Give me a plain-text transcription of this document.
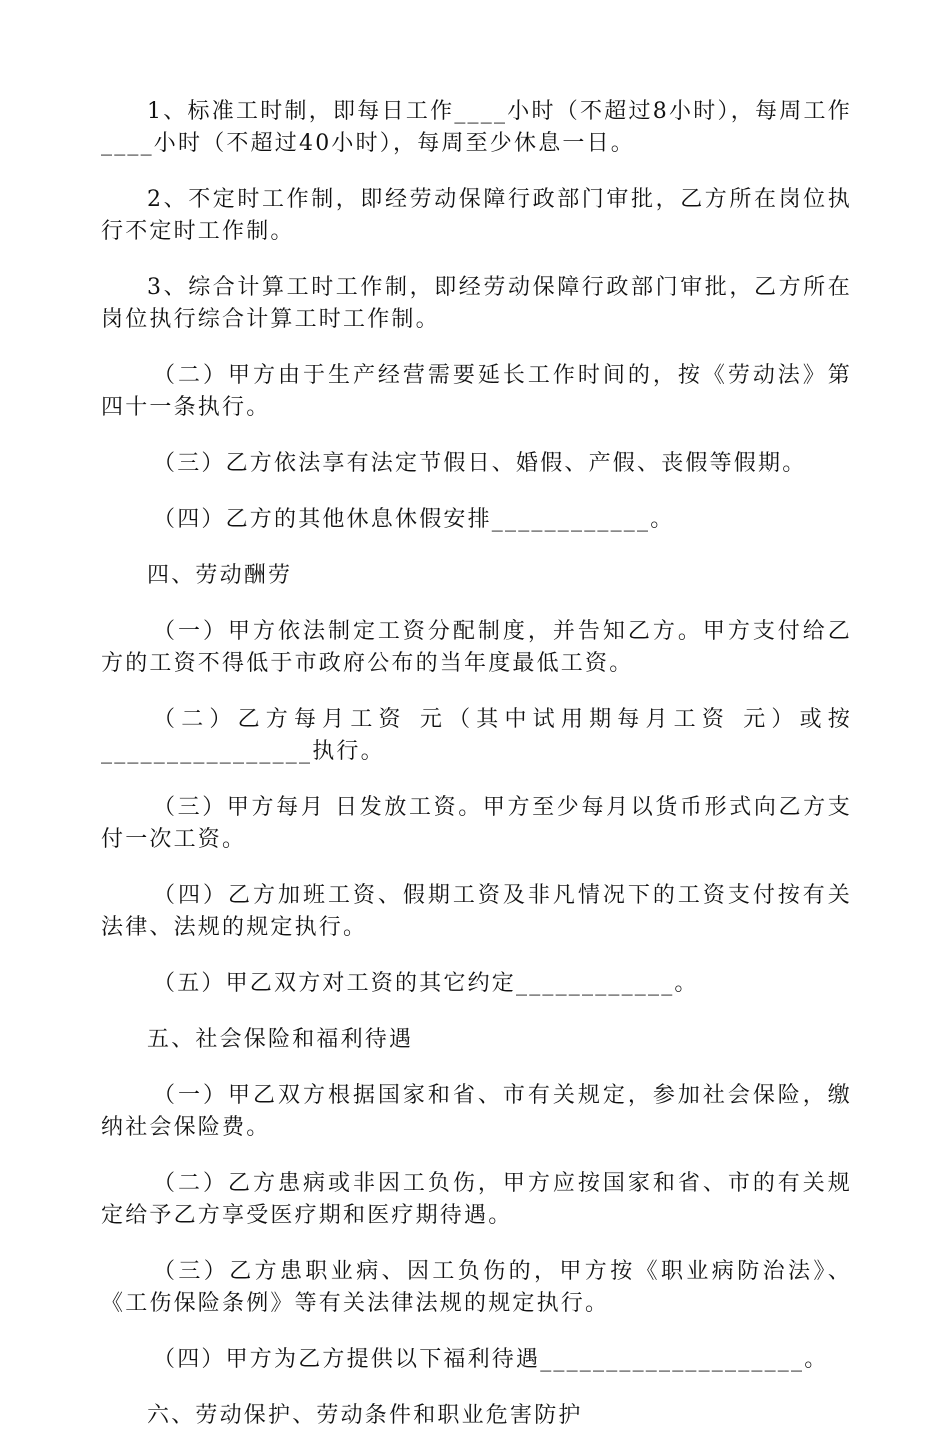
1、标准工时制，即每日工作____小时（不超过8小时），每周工作____小时（不超过40小时），每周至少休息一日。

2、不定时工作制，即经劳动保障行政部门审批，乙方所在岗位执行不定时工作制。

3、综合计算工时工作制，即经劳动保障行政部门审批，乙方所在岗位执行综合计算工时工作制。

（二）甲方由于生产经营需要延长工作时间的，按《劳动法》第四十一条执行。

（三）乙方依法享有法定节假日、婚假、产假、丧假等假期。

（四）乙方的其他休息休假安排____________。

四、劳动酬劳

（一）甲方依法制定工资分配制度，并告知乙方。甲方支付给乙方的工资不得低于市政府公布的当年度最低工资。

（二）乙方每月工资 元（其中试用期每月工资 元）或按________________执行。

（三）甲方每月 日发放工资。甲方至少每月以货币形式向乙方支付一次工资。

（四）乙方加班工资、假期工资及非凡情况下的工资支付按有关法律、法规的规定执行。

（五）甲乙双方对工资的其它约定____________。

五、社会保险和福利待遇

（一）甲乙双方根据国家和省、市有关规定，参加社会保险，缴纳社会保险费。

（二）乙方患病或非因工负伤，甲方应按国家和省、市的有关规定给予乙方享受医疗期和医疗期待遇。

（三）乙方患职业病、因工负伤的，甲方按《职业病防治法》、《工伤保险条例》等有关法律法规的规定执行。

（四）甲方为乙方提供以下福利待遇____________________。

六、劳动保护、劳动条件和职业危害防护
